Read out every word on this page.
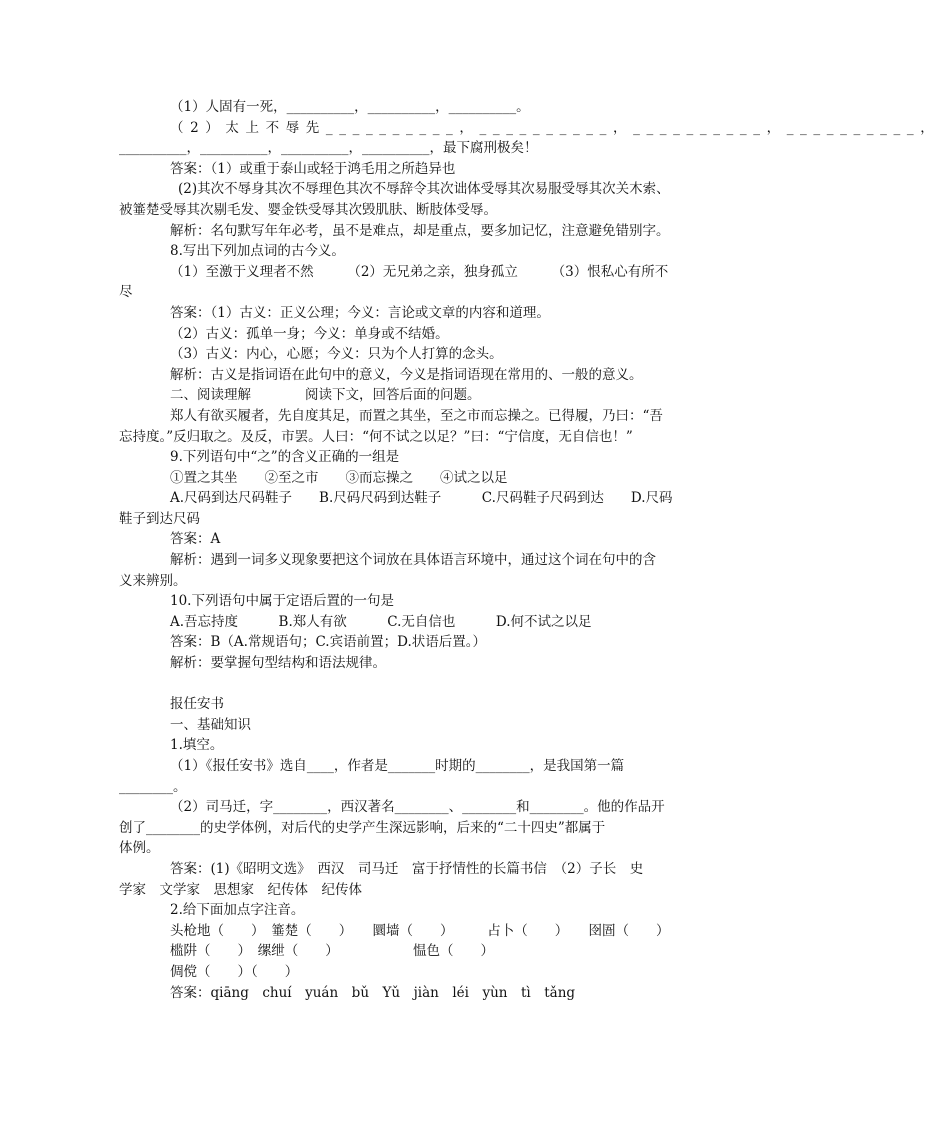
（1）人固有一死，__________，__________，__________。
（2）太上不辱先__________，__________，__________，__________，
__________，__________，__________，__________，最下腐刑极矣！
答案：（1）或重于泰山或轻于鸿毛用之所趋异也
(2)其次不辱身其次不辱理色其次不辱辞令其次诎体受辱其次易服受辱其次关木索、
被箠楚受辱其次剔毛发、婴金铁受辱其次毁肌肤、断肢体受辱。
解析：名句默写年年必考，虽不是难点，却是重点，要多加记忆，注意避免错别字。
8.写出下列加点词的古今义。
（1）至激于义理者不然　　　（2）无兄弟之亲，独身孤立　　　（3）恨私心有所不
尽
答案：（1）古义：正义公理；今义：言论或文章的内容和道理。
（2）古义：孤单一身；今义：单身或不结婚。
（3）古义：内心，心愿；今义：只为个人打算的念头。
解析：古义是指词语在此句中的意义，今义是指词语现在常用的、一般的意义。
二、阅读理解　　　　阅读下文，回答后面的问题。
郑人有欲买履者，先自度其足，而置之其坐，至之市而忘操之。已得履，乃曰：“吾
忘持度。”反归取之。及反，市罢。人曰：“何不试之以足？”曰：“宁信度，无自信也！”
9.下列语句中“之”的含义正确的一组是
①置之其坐　　②至之市　　③而忘操之　　④试之以足
A.尺码到达尺码鞋子　　B.尺码尺码到达鞋子　　　C.尺码鞋子尺码到达　　D.尺码
鞋子到达尺码
答案：A
解析：遇到一词多义现象要把这个词放在具体语言环境中，通过这个词在句中的含
义来辨别。
10.下列语句中属于定语后置的一句是
A.吾忘持度　　　B.郑人有欲　　　C.无自信也　　　D.何不试之以足
答案：B（A.常规语句；C.宾语前置；D.状语后置。）
解析：要掌握句型结构和语法规律。
报任安书
一、基础知识
1.填空。
（1）《报任安书》选自____，作者是_______时期的________，是我国第一篇
________。
（2）司马迁，字________，西汉著名________、________和________。他的作品开
创了________的史学体例，对后代的史学产生深远影响，后来的“二十四史”都属于
体例。
答案：(1)《昭明文选》　西汉　司马迁　富于抒情性的长篇书信　（2）子长　史
学家　文学家　思想家　纪传体　纪传体
2.给下面加点字注音。
头枪地（　　）　箠楚（　　）　　圜墙（　　）　　　占卜（　　）　　囹圄（　　）
槛阱（　　）　缧绁（　　）　　　　　　愠色（　　）
倜傥（　　）（　　）
答案：qiāng　chuí　yuán　bǔ　Yǔ　jiàn　léi　yùn　tì　tǎng
